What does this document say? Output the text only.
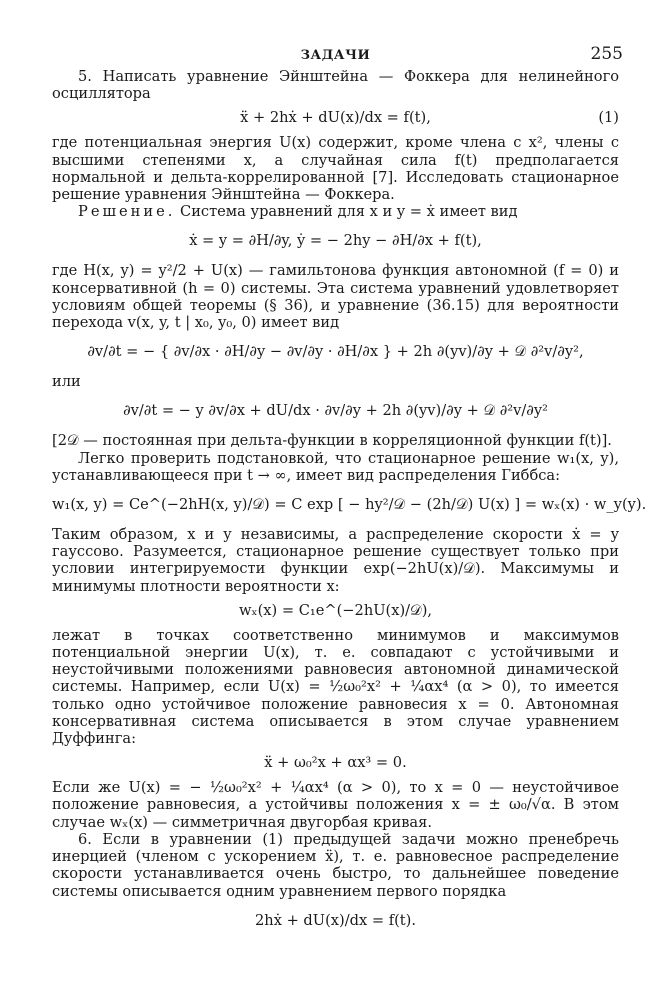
ЗАДАЧИ	255

5. Написать уравнение Эйнштейна — Фоккера для нелинейного осциллятора

ẍ + 2hẋ + dU(x)/dx = f(t),	(1)

где потенциальная энергия U(x) содержит, кроме члена с x², члены с высшими степенями x, а случайная сила f(t) предполагается нормальной и дельта-коррелированной [7]. Исследовать стационарное решение уравнения Эйнштейна — Фоккера.

Решение. Система уравнений для x и y = ẋ имеет вид

ẋ = y = ∂H/∂y, ẏ = − 2hy − ∂H/∂x + f(t),

где H(x, y) = y²/2 + U(x) — гамильтонова функция автономной (f = 0) и консервативной (h = 0) системы. Эта система уравнений удовлетворяет условиям общей теоремы (§ 36), и уравнение (36.15) для вероятности перехода v(x, y, t | x₀, y₀, 0) имеет вид

∂v/∂t = − { ∂v/∂x · ∂H/∂y − ∂v/∂y · ∂H/∂x } + 2h ∂(yv)/∂y + 𝒟 ∂²v/∂y²,

или

∂v/∂t = − y ∂v/∂x + dU/dx · ∂v/∂y + 2h ∂(yv)/∂y + 𝒟 ∂²v/∂y²

[2𝒟 — постоянная при дельта-функции в корреляционной функции f(t)].

Легко проверить подстановкой, что стационарное решение w₁(x, y), устанавливающееся при t → ∞, имеет вид распределения Гиббса:

w₁(x, y) = Ce^(−2hH(x, y)/𝒟) = C exp [ − hy²/𝒟 − (2h/𝒟) U(x) ] = wₓ(x) · w_y(y).

Таким образом, x и y независимы, а распределение скорости ẋ = y гауссово. Разумеется, стационарное решение существует только при условии интегрируемости функции exp(−2hU(x)/𝒟). Максимумы и минимумы плотности вероятности x:

wₓ(x) = C₁e^(−2hU(x)/𝒟),

лежат в точках соответственно минимумов и максимумов потенциальной энергии U(x), т. е. совпадают с устойчивыми и неустойчивыми положениями равновесия автономной динамической системы. Например, если U(x) = ½ω₀²x² + ¼αx⁴ (α > 0), то имеется только одно устойчивое положение равновесия x = 0. Автономная консервативная система описывается в этом случае уравнением Дуффинга:

ẍ + ω₀²x + αx³ = 0.

Если же U(x) = − ½ω₀²x² + ¼αx⁴ (α > 0), то x = 0 — неустойчивое положение равновесия, а устойчивы положения x = ± ω₀/√α. В этом случае wₓ(x) — симметричная двугорбая кривая.

6. Если в уравнении (1) предыдущей задачи можно пренебречь инерцией (членом с ускорением ẍ), т. е. равновесное распределение скорости устанавливается очень быстро, то дальнейшее поведение системы описывается одним уравнением первого порядка

2hẋ + dU(x)/dx = f(t).
